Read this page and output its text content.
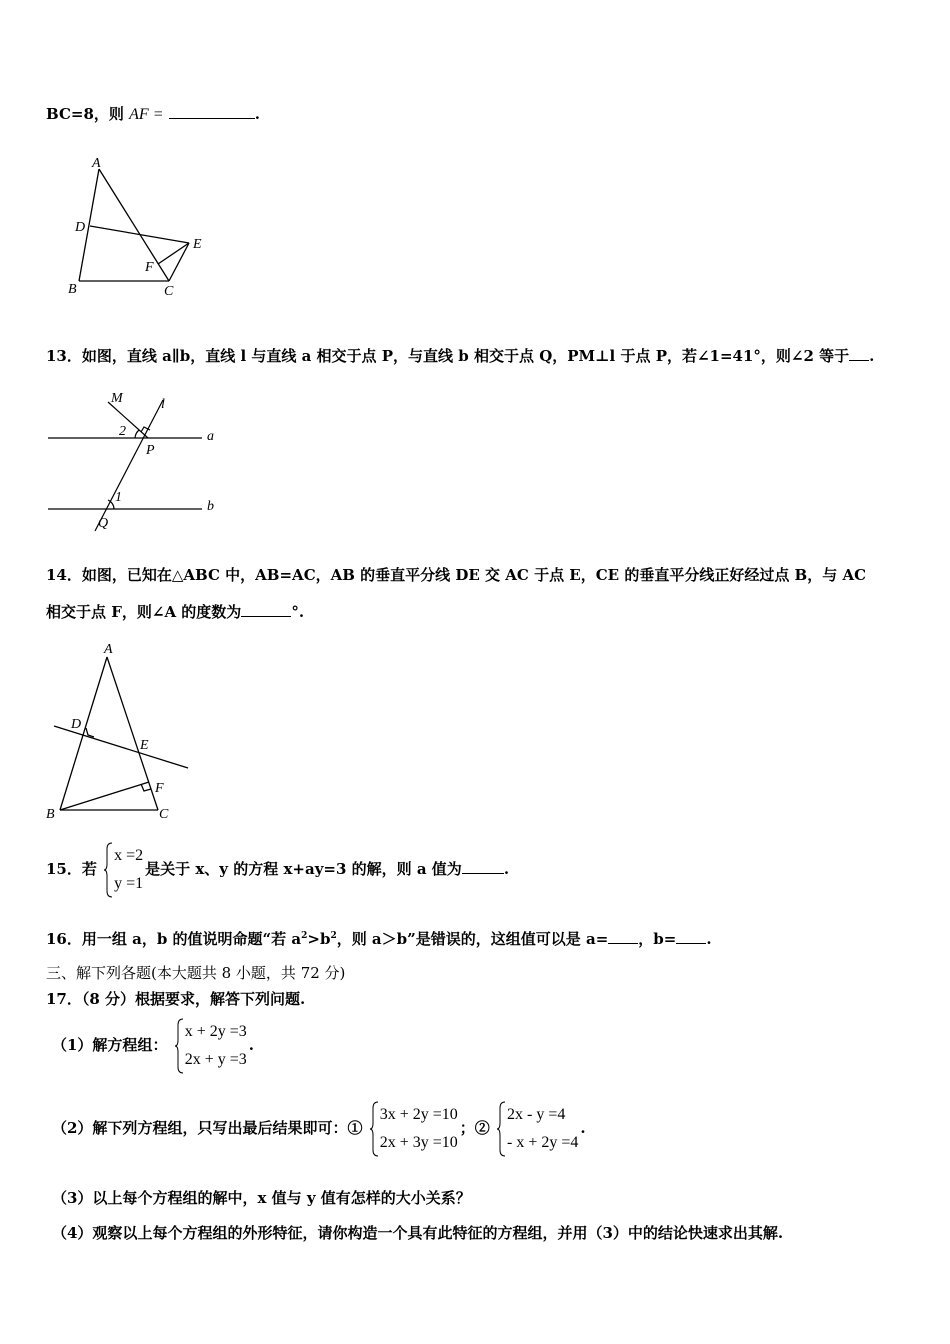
BC=8，则 AF =	.
A
D
E
F
B	C
13．如图，直线 a∥b，直线 l 与直线 a 相交于点 P，与直线 b 相交于点 Q，PM⊥l 于点 P，若∠1=41°，则∠2 等于 .
M	l
a
2
P
1
b
Q
14．如图，已知在△ABC 中，AB=AC，AB 的垂直平分线 DE 交 AC 于点 E，CE 的垂直平分线正好经过点 B，与 AC
相交于点 F，则∠A 的度数为	°.
A
D
E
F
B	C
15．若
x =2
y =1
是关于 x、y 的方程 x+ay=3 的解，则 a 值为	.
16．用一组 a，b 的值说明命题“若 $a^2>b^2$，则 a＞b”是错误的，这组值可以是 a= ，b= .
三、解下列各题(本大题共 8 小题，共 72 分)
17．（8 分）根据要求，解答下列问题.
（1）解方程组：
x + 2y =3
2x + y =3
.
（2）解下列方程组，只写出最后结果即可：①
3x + 2y =10
2x + 3y =10
；②
2x - y =4
- x + 2y =4
.
（3）以上每个方程组的解中，x 值与 y 值有怎样的大小关系？
（4）观察以上每个方程组的外形特征，请你构造一个具有此特征的方程组，并用（3）中的结论快速求出其解.
